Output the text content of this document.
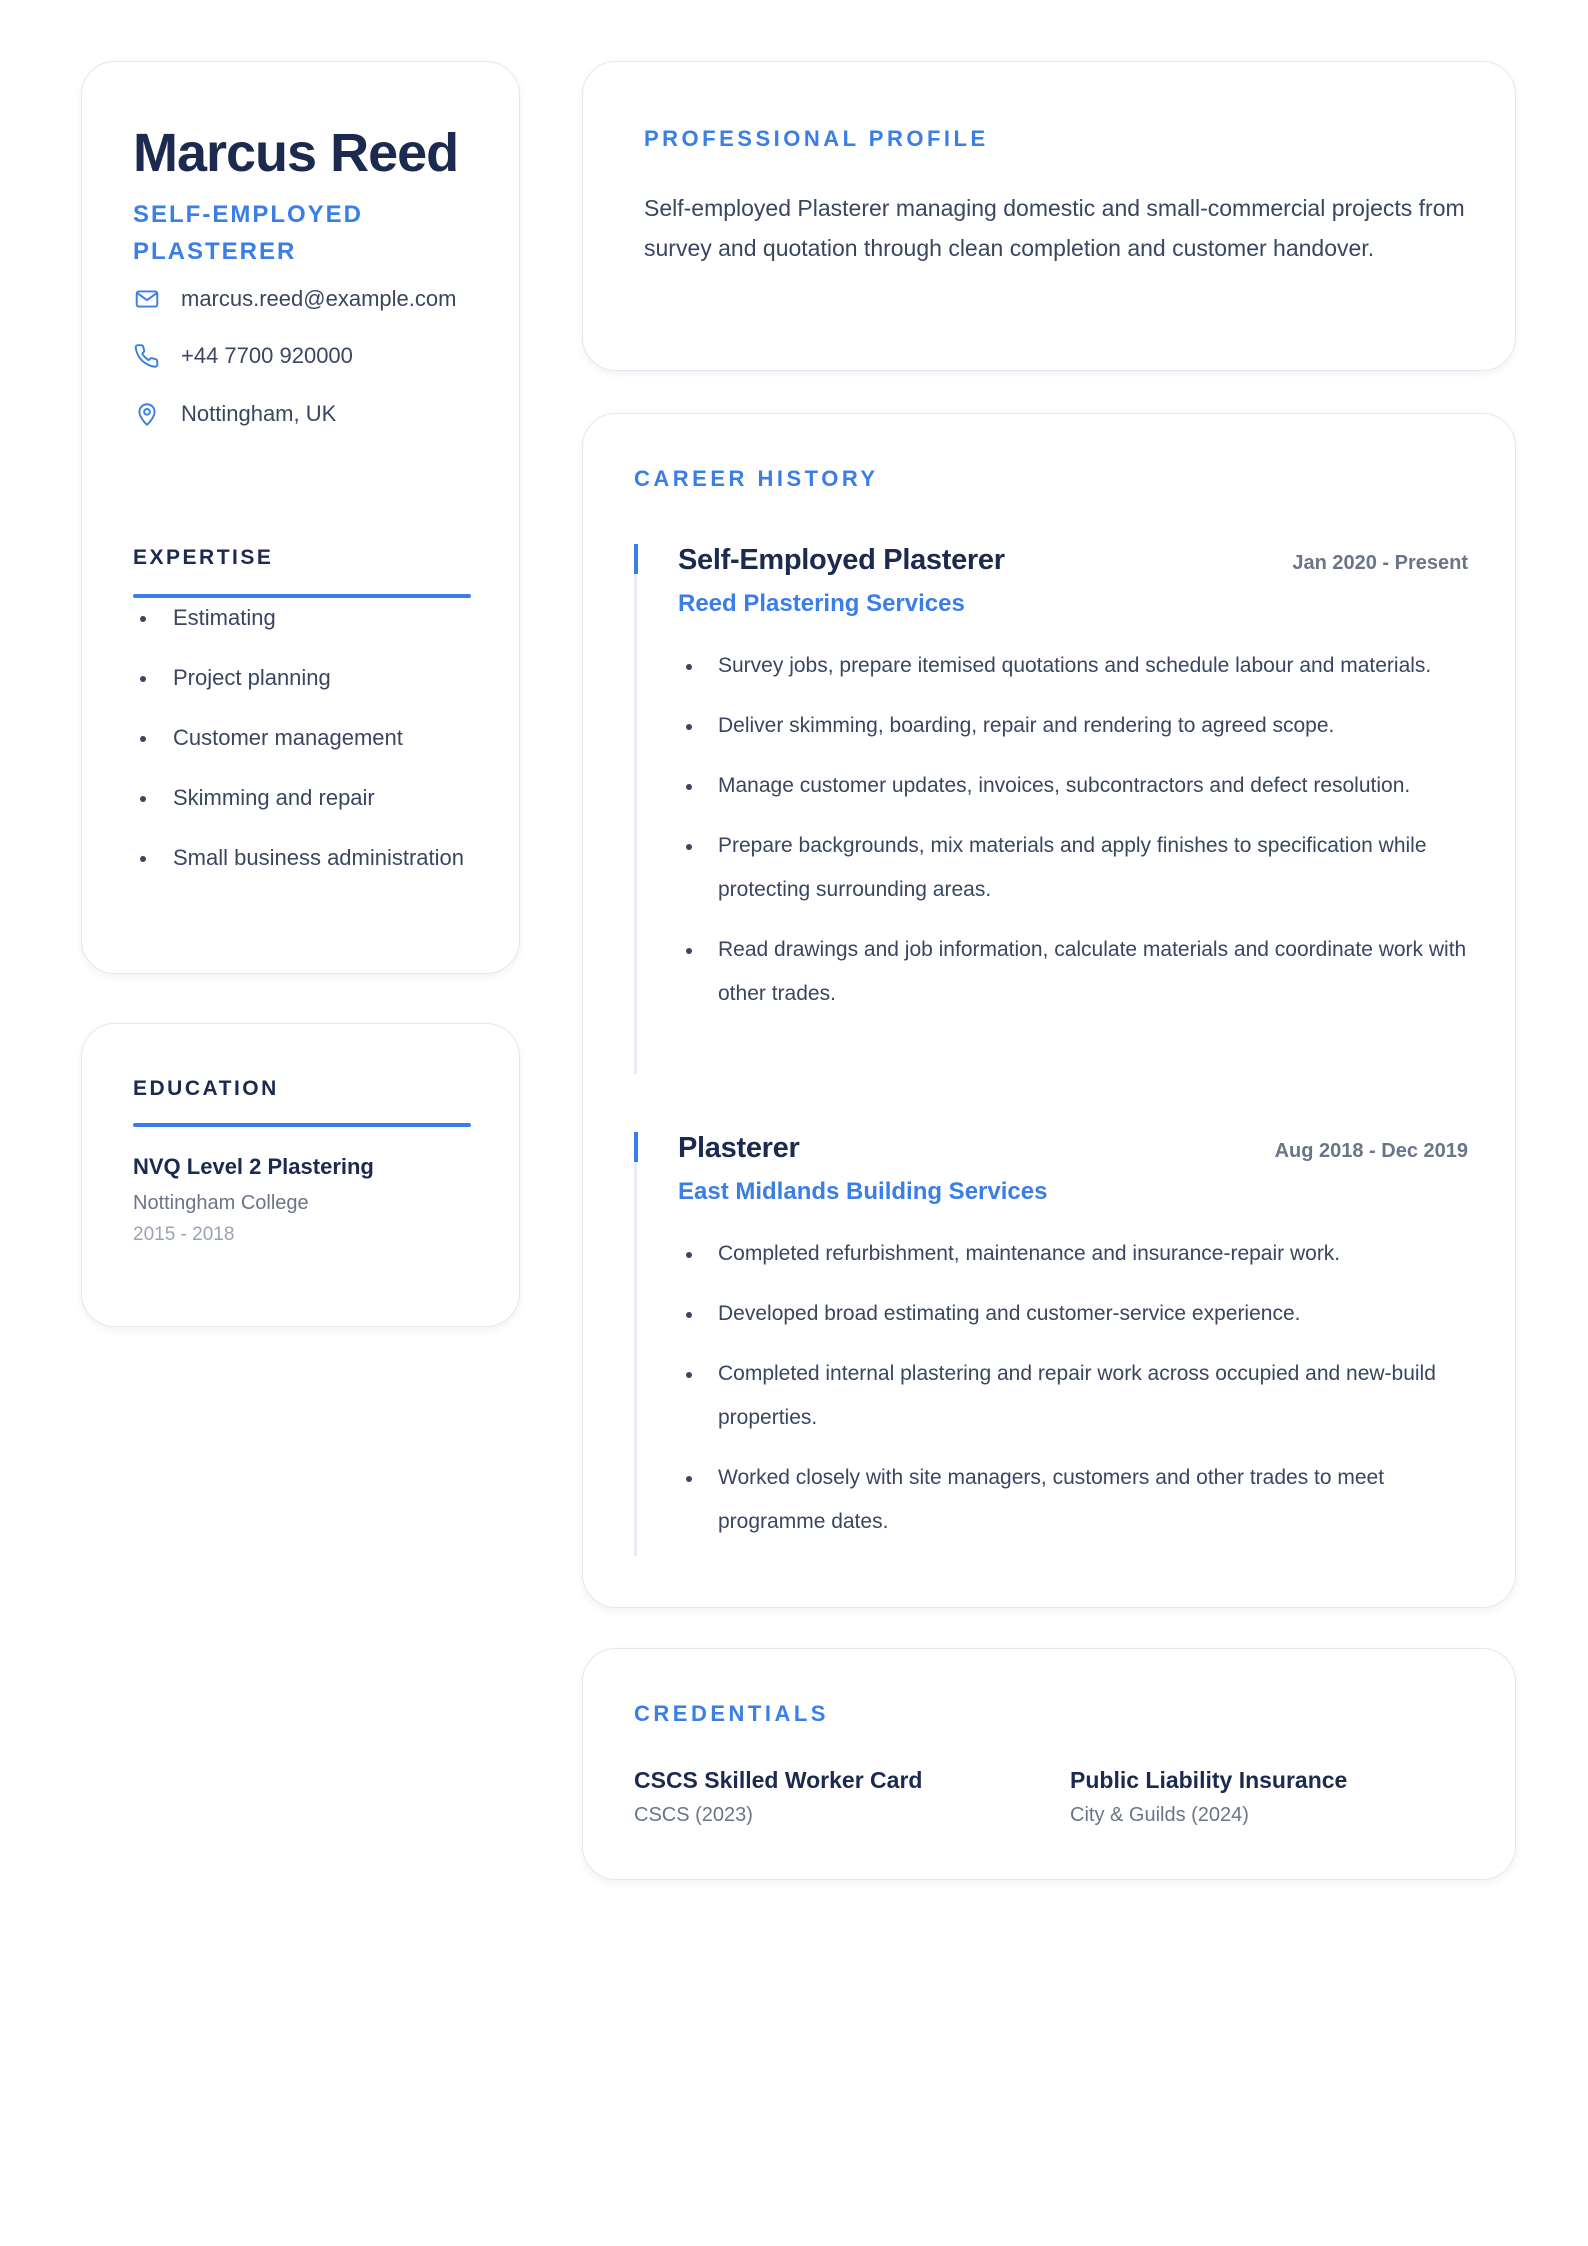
Marcus Reed
SELF-EMPLOYED PLASTERER
marcus.reed@example.com
+44 7700 920000
Nottingham, UK
EXPERTISE
Estimating
Project planning
Customer management
Skimming and repair
Small business administration
EDUCATION
NVQ Level 2 Plastering
Nottingham College
2015 - 2018
PROFESSIONAL PROFILE
Self-employed Plasterer managing domestic and small-commercial projects from survey and quotation through clean completion and customer handover.
CAREER HISTORY
Self-Employed Plasterer	Jan 2020 - Present
Reed Plastering Services
Survey jobs, prepare itemised quotations and schedule labour and materials.
Deliver skimming, boarding, repair and rendering to agreed scope.
Manage customer updates, invoices, subcontractors and defect resolution.
Prepare backgrounds, mix materials and apply finishes to specification while protecting surrounding areas.
Read drawings and job information, calculate materials and coordinate work with other trades.
Plasterer	Aug 2018 - Dec 2019
East Midlands Building Services
Completed refurbishment, maintenance and insurance-repair work.
Developed broad estimating and customer-service experience.
Completed internal plastering and repair work across occupied and new-build properties.
Worked closely with site managers, customers and other trades to meet programme dates.
CREDENTIALS
CSCS Skilled Worker Card
CSCS (2023)
Public Liability Insurance
City & Guilds (2024)
